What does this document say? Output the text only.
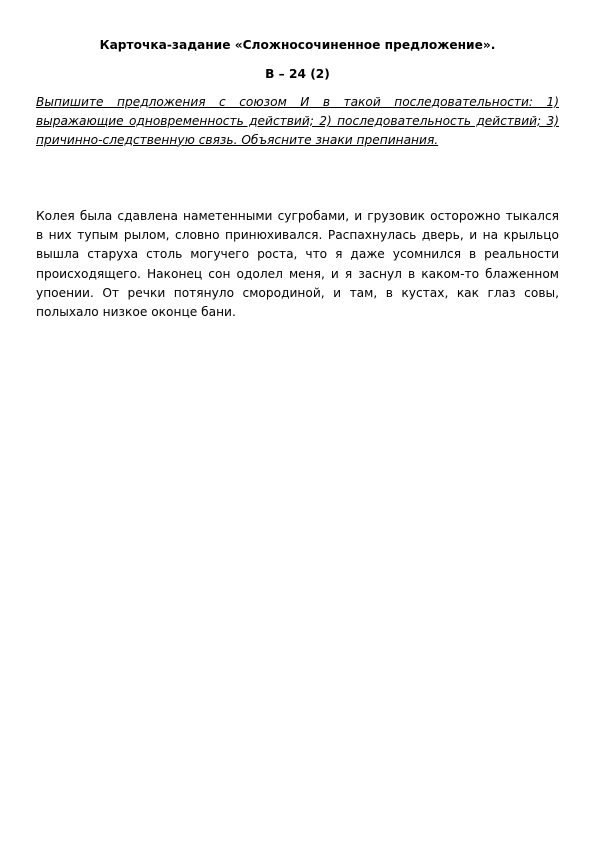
Карточка-задание «Сложносочиненное предложение».
В – 24 (2)
Выпишите предложения с союзом И в такой последовательности: 1) выражающие одновременность действий; 2) последовательность действий; 3) причинно-следственную связь. Объясните знаки препинания.
Колея была сдавлена наметенными сугробами, и грузовик осторожно тыкался в них тупым рылом, словно принюхивался. Распахнулась дверь, и на крыльцо вышла старуха столь могучего роста, что я даже усомнился в реальности происходящего. Наконец сон одолел меня, и я заснул в каком-то блаженном упоении. От речки потянуло смородиной, и там, в кустах, как глаз совы, полыхало низкое оконце бани.
